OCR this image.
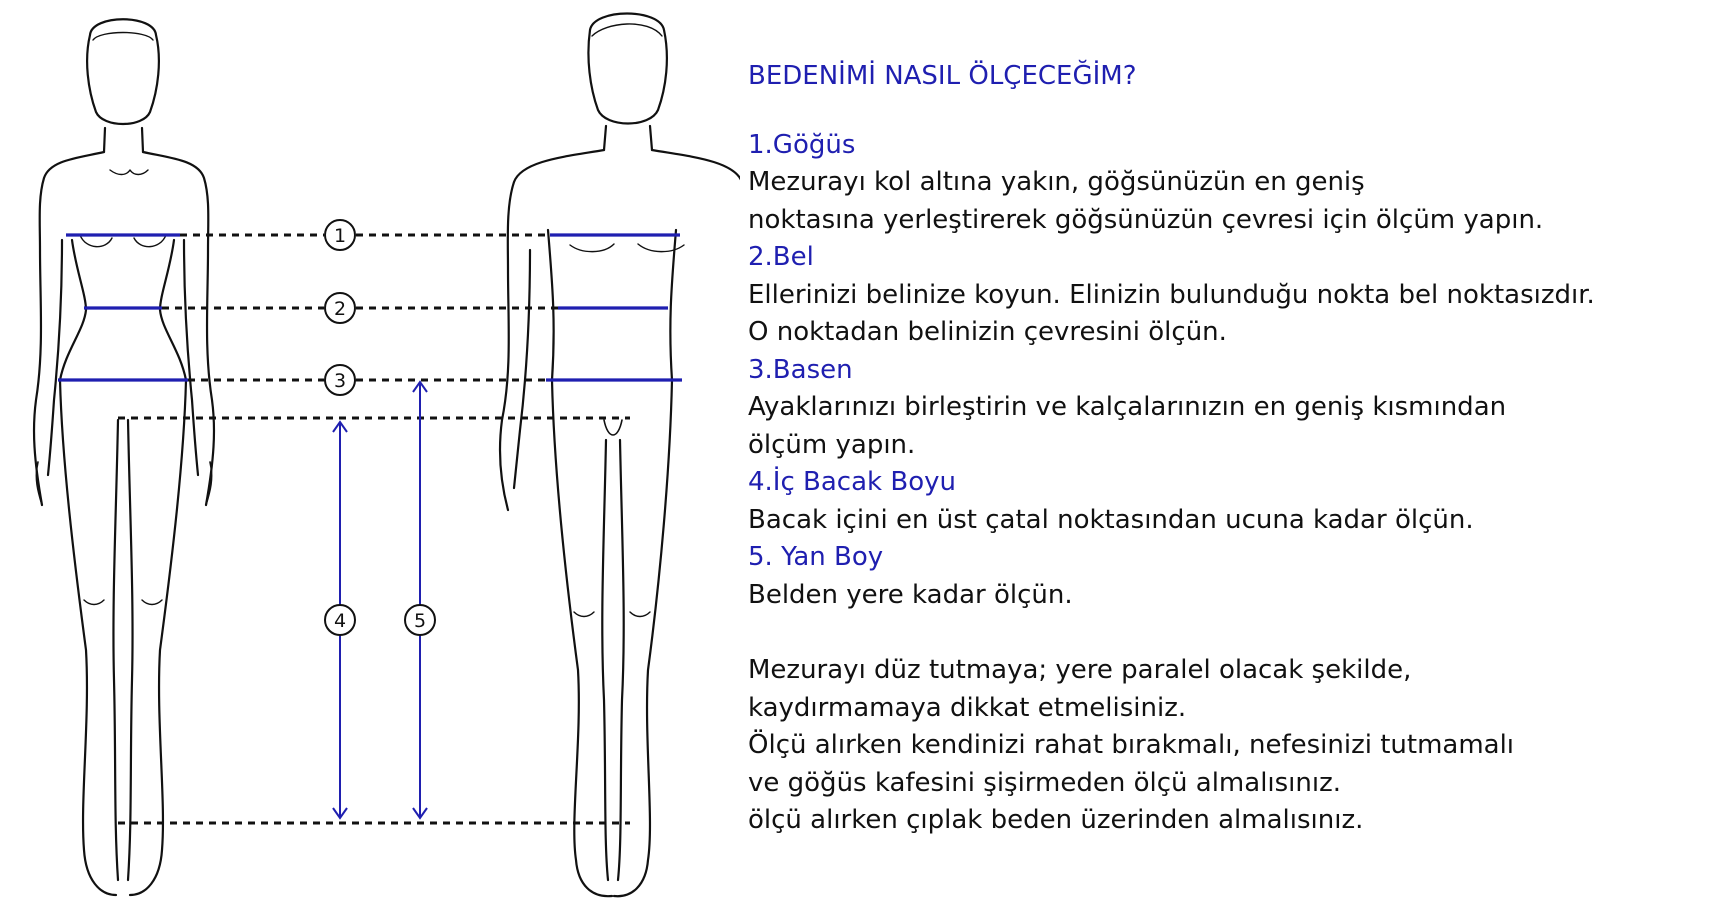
1
2
3
4	5
BEDENİMİ NASIL ÖLÇECEĞİM?
1.Göğüs
Mezurayı kol altına yakın, göğsünüzün en geniş
noktasına yerleştirerek göğsünüzün çevresi için ölçüm yapın.
2.Bel
Ellerinizi belinize koyun. Elinizin bulunduğu nokta bel noktasızdır.
O noktadan belinizin çevresini ölçün.
3.Basen
Ayaklarınızı birleştirin ve kalçalarınızın en geniş kısmından
ölçüm yapın.
4.İç Bacak Boyu
Bacak içini en üst çatal noktasından ucuna kadar ölçün.
5. Yan Boy
Belden yere kadar ölçün.
Mezurayı düz tutmaya; yere paralel olacak şekilde,
kaydırmamaya dikkat etmelisiniz.
Ölçü alırken kendinizi rahat bırakmalı, nefesinizi tutmamalı
ve göğüs kafesini şişirmeden ölçü almalısınız.
ölçü alırken çıplak beden üzerinden almalısınız.
